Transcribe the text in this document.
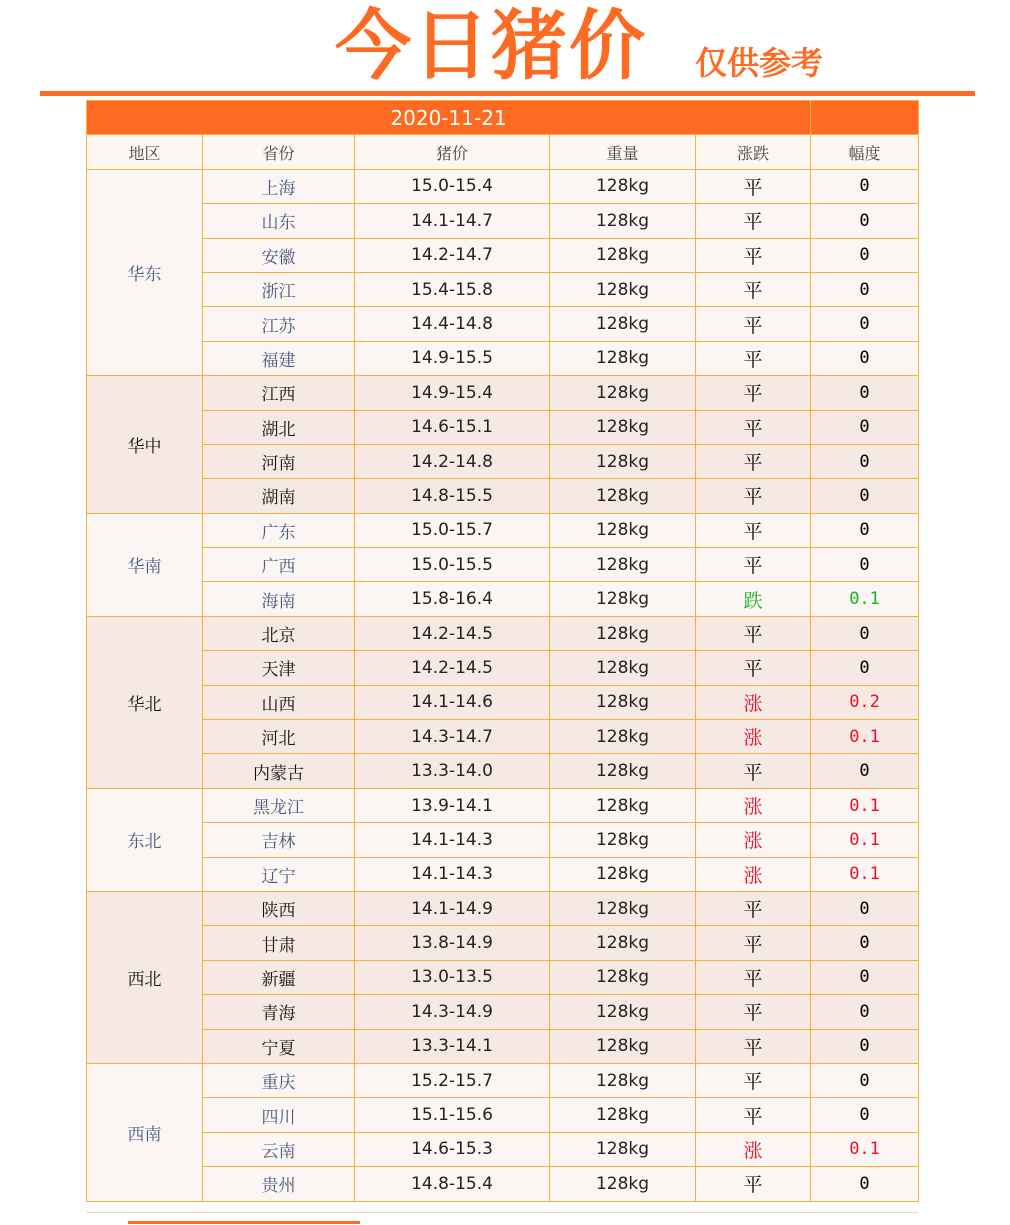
今日猪价 仅供参考
2020-11-21					
地区	省份	猪价	重量	涨跌	幅度
华东	上海	15.0-15.4	128kg	平	0
	山东	14.1-14.7	128kg	平	0
	安徽	14.2-14.7	128kg	平	0
	浙江	15.4-15.8	128kg	平	0
	江苏	14.4-14.8	128kg	平	0
	福建	14.9-15.5	128kg	平	0
华中	江西	14.9-15.4	128kg	平	0
	湖北	14.6-15.1	128kg	平	0
	河南	14.2-14.8	128kg	平	0
	湖南	14.8-15.5	128kg	平	0
华南	广东	15.0-15.7	128kg	平	0
	广西	15.0-15.5	128kg	平	0
	海南	15.8-16.4	128kg	跌	0.1
华北	北京	14.2-14.5	128kg	平	0
	天津	14.2-14.5	128kg	平	0
	山西	14.1-14.6	128kg	涨	0.2
	河北	14.3-14.7	128kg	涨	0.1
	内蒙古	13.3-14.0	128kg	平	0
东北	黑龙江	13.9-14.1	128kg	涨	0.1
	吉林	14.1-14.3	128kg	涨	0.1
	辽宁	14.1-14.3	128kg	涨	0.1
西北	陕西	14.1-14.9	128kg	平	0
	甘肃	13.8-14.9	128kg	平	0
	新疆	13.0-13.5	128kg	平	0
	青海	14.3-14.9	128kg	平	0
	宁夏	13.3-14.1	128kg	平	0
西南	重庆	15.2-15.7	128kg	平	0
	四川	15.1-15.6	128kg	平	0
	云南	14.6-15.3	128kg	涨	0.1
	贵州	14.8-15.4	128kg	平	0
